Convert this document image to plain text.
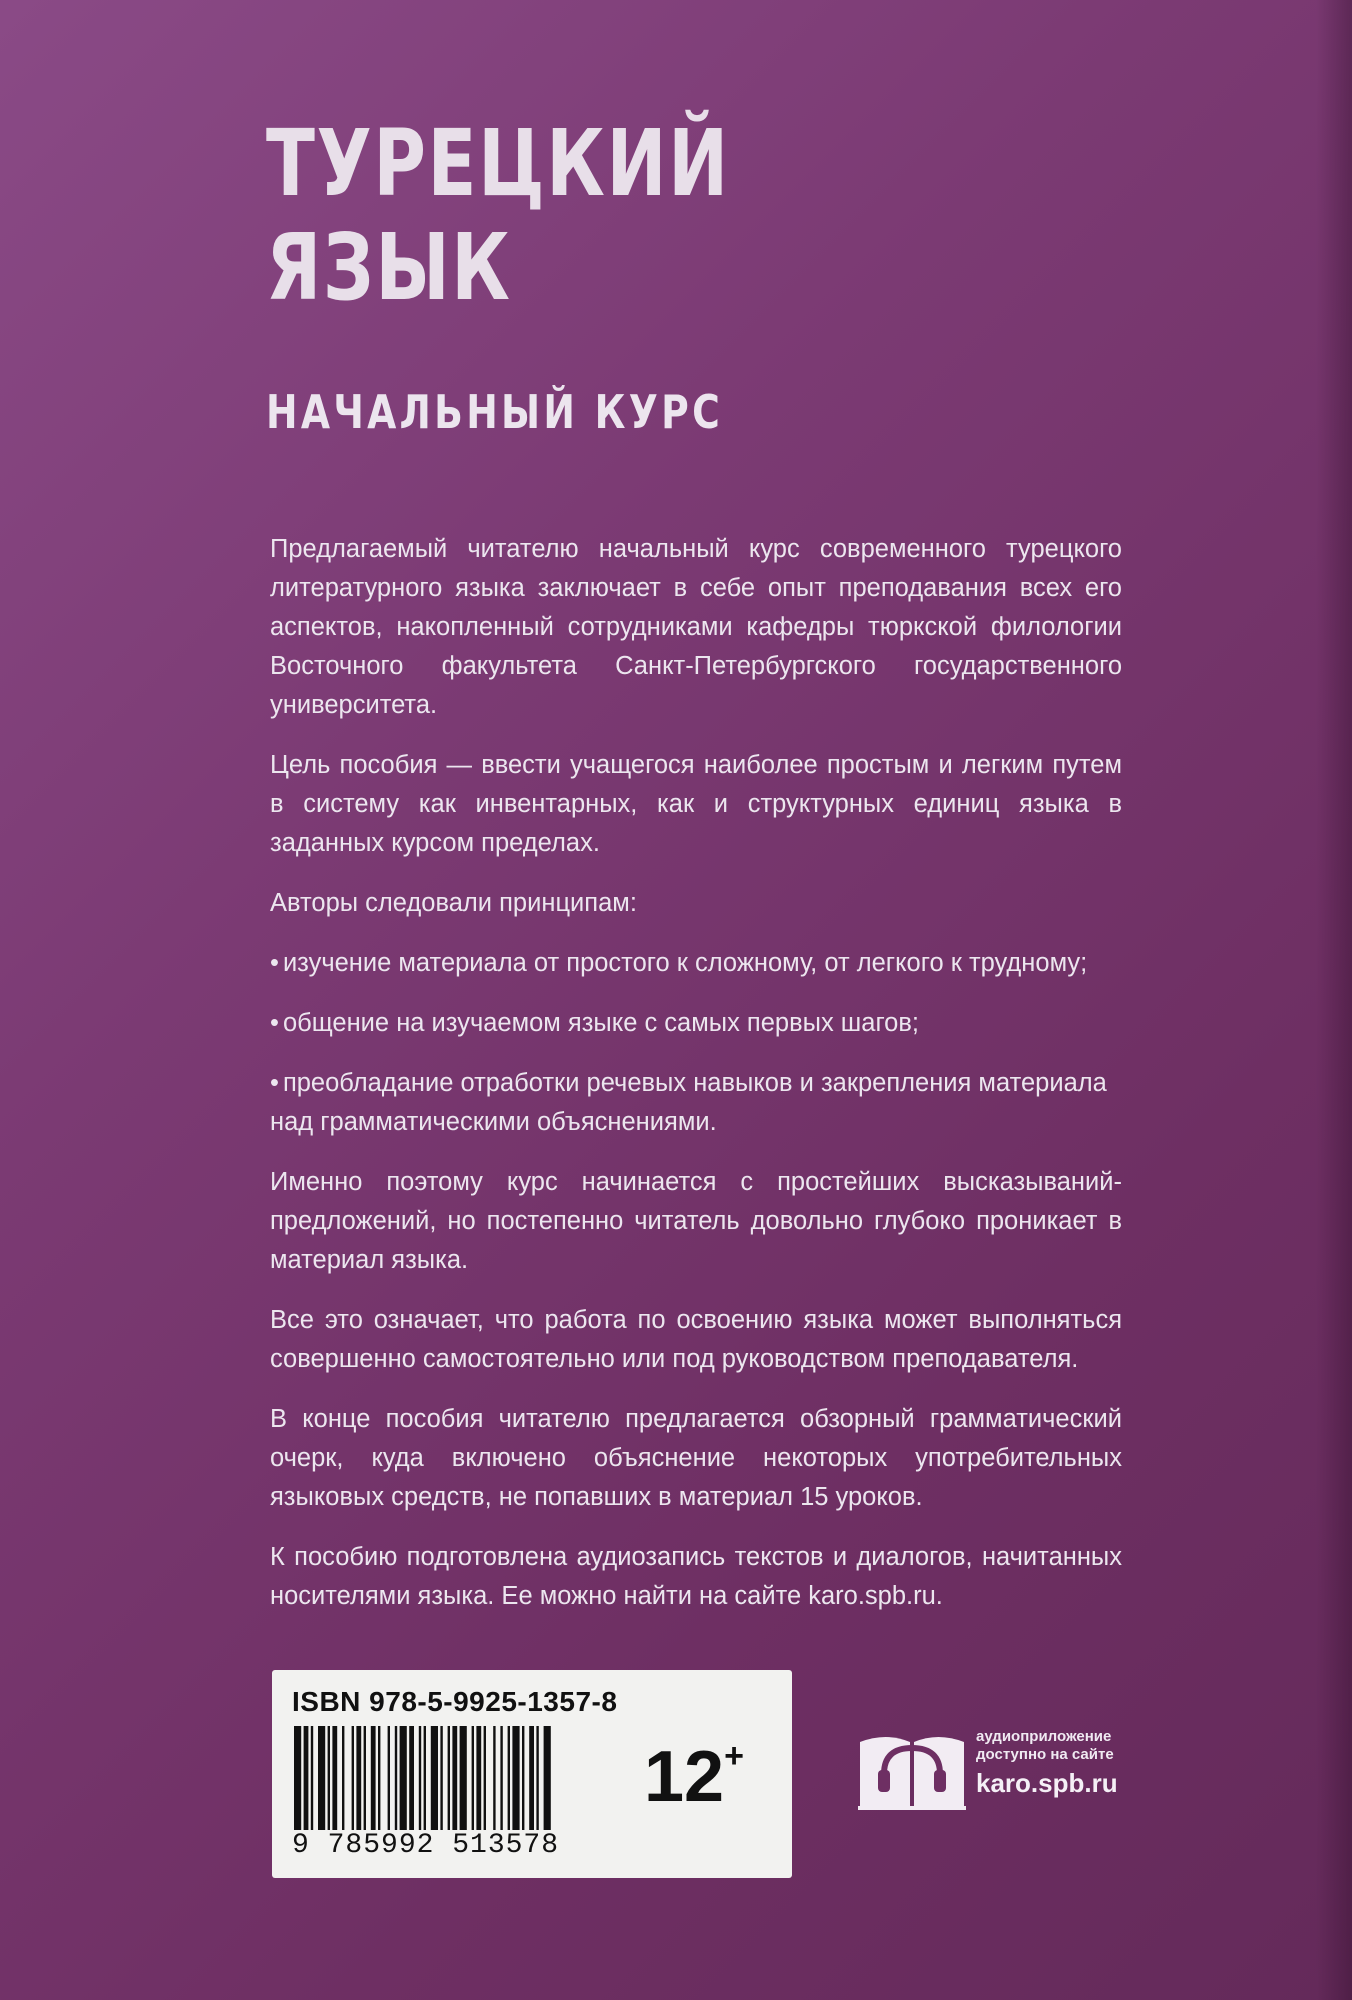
ТУРЕЦКИЙ
ЯЗЫК
НАЧАЛЬНЫЙ КУРС

Предлагаемый читателю начальный курс современного турецкого литературного языка заключает в себе опыт преподавания всех его аспектов, накопленный сотрудниками кафедры тюркской филологии Восточного факультета Санкт-Петербургского государственного университета.

Цель пособия — ввести учащегося наиболее простым и легким путем в систему как инвентарных, как и структурных единиц языка в заданных курсом пределах.

Авторы следовали принципам:

• изучение материала от простого к сложному, от легкого к трудному;

• общение на изучаемом языке с самых первых шагов;

• преобладание отработки речевых навыков и закрепления материала над грамматическими объяснениями.

Именно поэтому курс начинается с простейших высказываний-предложений, но постепенно читатель довольно глубоко проникает в материал языка.

Все это означает, что работа по освоению языка может выполняться совершенно самостоятельно или под руководством преподавателя.

В конце пособия читателю предлагается обзорный грамматический очерк, куда включено объяснение некоторых употребительных языковых средств, не попавших в материал 15 уроков.

К пособию подготовлена аудиозапись текстов и диалогов, начитанных носителями языка. Ее можно найти на сайте karo.spb.ru.

ISBN 978-5-9925-1357-8
9 785992 513578
12+
аудиоприложение
доступно на сайте
karo.spb.ru
